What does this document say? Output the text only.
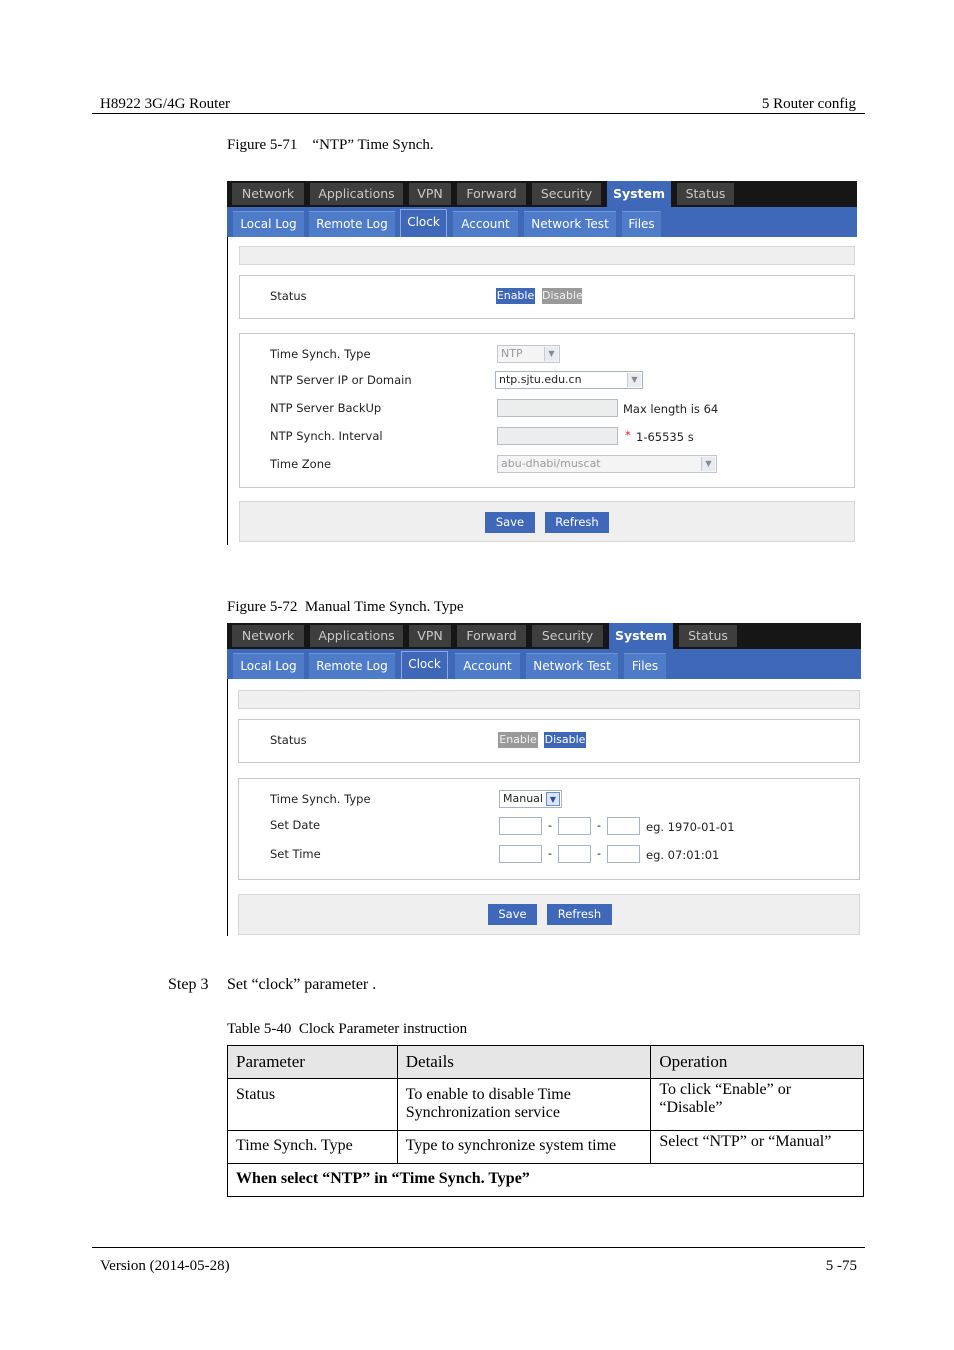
H8922 3G/4G Router	5 Router config
Figure 5-71    “NTP” Time Synch.
Network	Applications	VPN	Forward	Security	System	Status
Local Log	Remote Log	Clock	Account	Network Test	Files
Status	Enable Disable
Time Synch. Type	NTP	▼
NTP Server IP or Domain	ntp.sjtu.edu.cn	▼
NTP Server BackUp	Max length is 64
NTP Synch. Interval	* 1-65535 s
Time Zone	abu-dhabi/muscat	▼
Save	Refresh
Figure 5-72  Manual Time Synch. Type
Network	Applications	VPN	Forward	Security	System	Status
Local Log	Remote Log	Clock	Account	Network Test	Files
Status	Enable Disable
Time Synch. Type	Manual ▼
Set Date	-	-	eg. 1970-01-01
Set Time	-	-	eg. 07:01:01
Save	Refresh
Step 3 Set “clock” parameter .
Table 5-40  Clock Parameter instruction
Parameter	Details	Operation
Status	To enable to disable Time Synchronization service	To click “Enable” or “Disable”
Time Synch. Type	Type to synchronize system time	Select “NTP” or “Manual”
When select “NTP” in “Time Synch. Type”		
Version (2014-05-28)	5 -75
